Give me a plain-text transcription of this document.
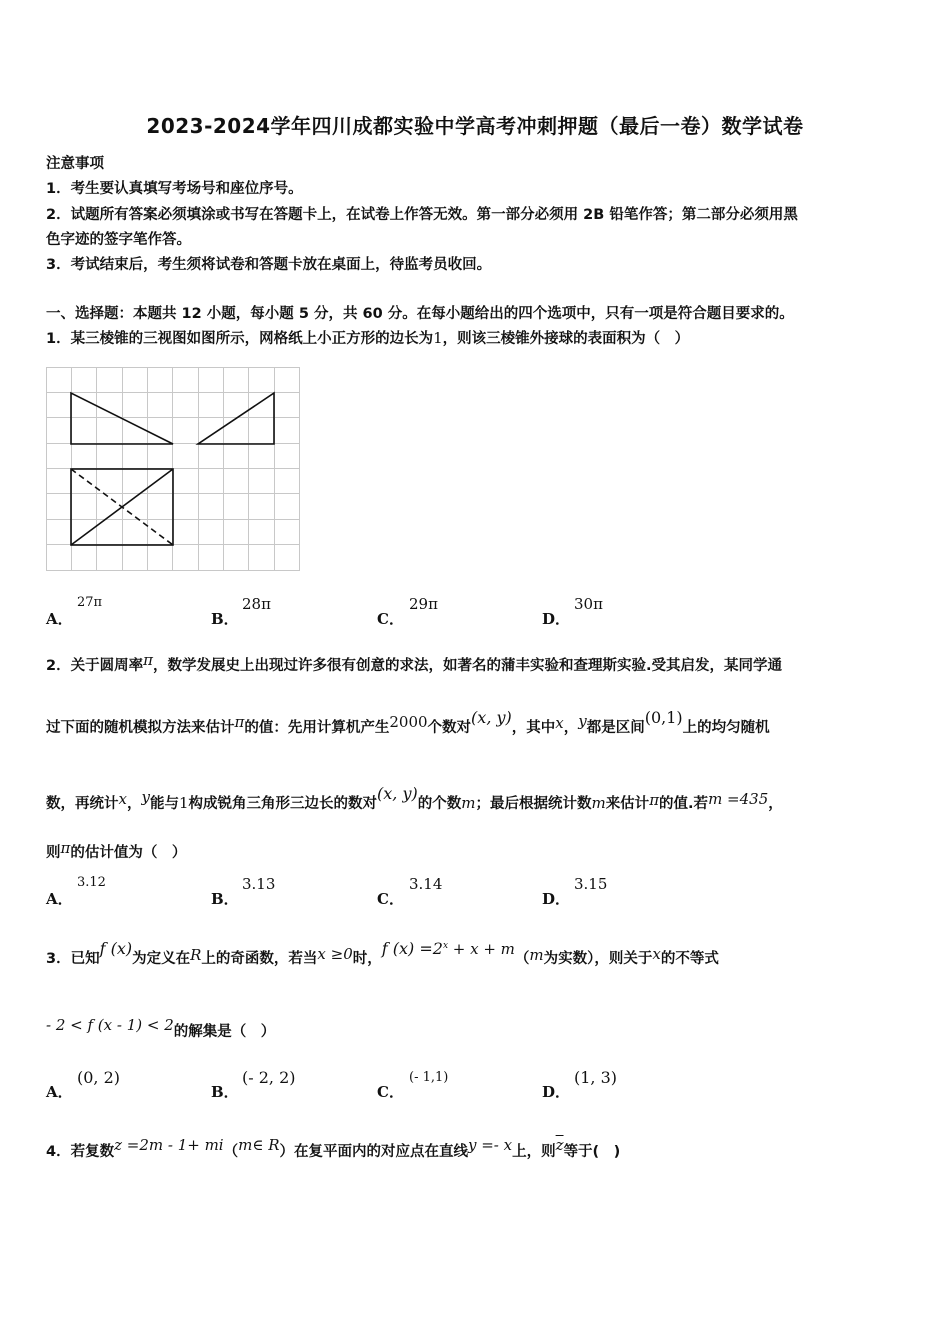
2023-2024学年四川成都实验中学高考冲刺押题（最后一卷）数学试卷
注意事项
1．考生要认真填写考场号和座位序号。
2．试题所有答案必须填涂或书写在答题卡上，在试卷上作答无效。第一部分必须用 2B 铅笔作答；第二部分必须用黑
色字迹的签字笔作答。
3．考试结束后，考生须将试卷和答题卡放在桌面上，待监考员收回。
一、选择题：本题共 12 小题，每小题 5 分，共 60 分。在每小题给出的四个选项中，只有一项是符合题目要求的。
1．某三棱锥的三视图如图所示，网格纸上小正方形的边长为1，则该三棱锥外接球的表面积为（　）
A．
27π
B．
28π
C．
29π
D．
30π
2．关于圆周率π，数学发展史上出现过许多很有创意的求法，如著名的蒲丰实验和查理斯实验.受其启发，某同学通
过下面的随机模拟方法来估计π的值：先用计算机产生2000个数对(x, y)，其中x，y都是区间(0,1)上的均匀随机
数，再统计x，y能与1构成锐角三角形三边长的数对(x, y)的个数m；最后根据统计数m来估计π的值.若m =435，
则π的估计值为（　）
A．
3.12
B．
3.13
C．
3.14
D．
3.15
3．已知f (x)为定义在R上的奇函数，若当x ≥0时，f $(x) =2^x + x + m(m$为实数），则关于x的不等式
- 2 < f (x - 1) < 2的解集是（　）
A．
(0, 2)
B．
(- 2, 2)
C．
(- 1,1)
D．
(1, 3)
4．若复数z =2m - 1+ mi（m∈ R）在复平面内的对应点在直线y =- x上，则$\overline{z}$等于(　)
